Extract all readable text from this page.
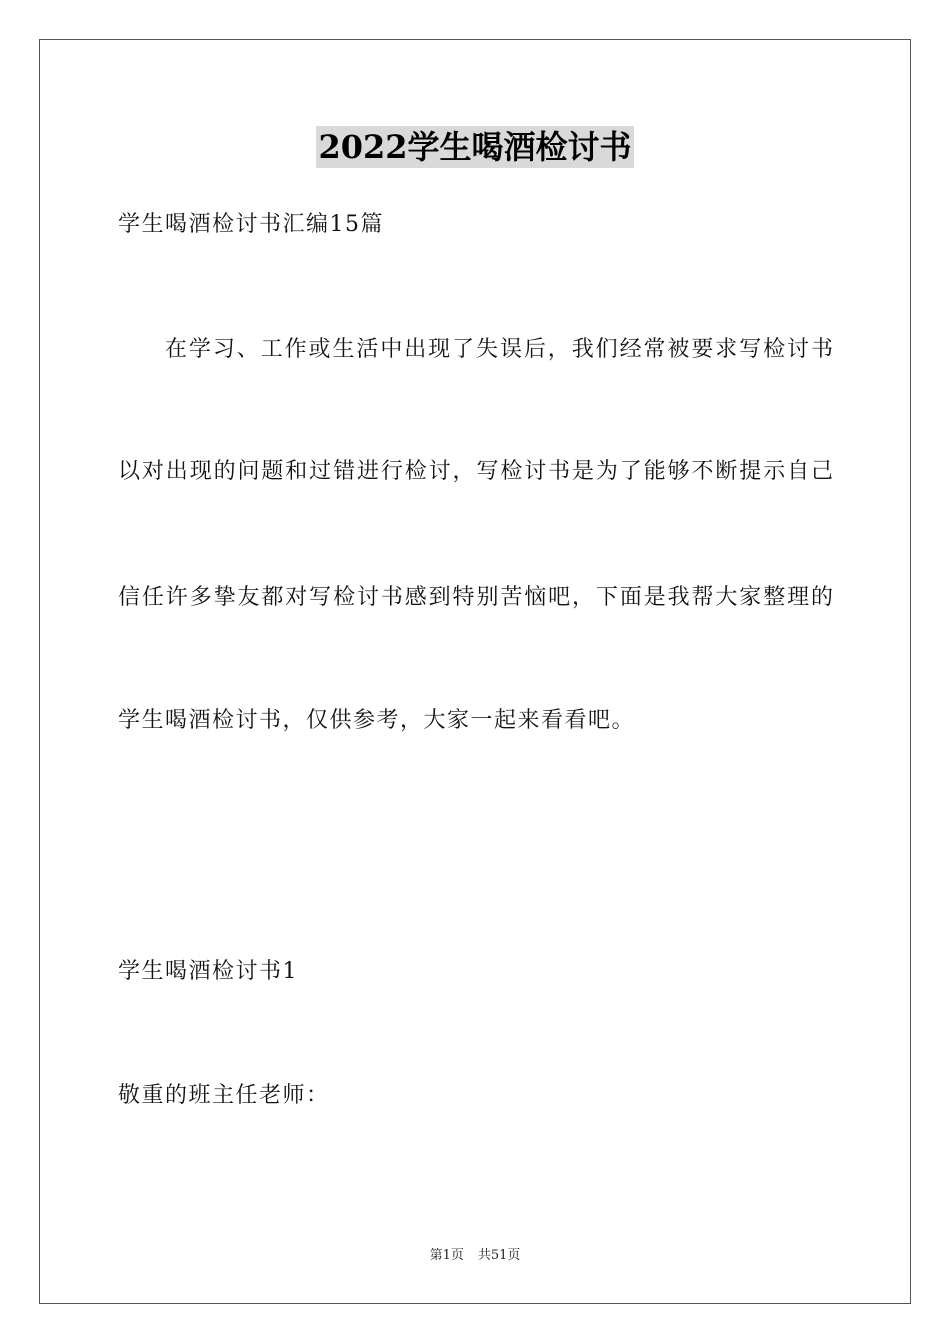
2022学生喝酒检讨书
学生喝酒检讨书汇编15篇
在学习、工作或生活中出现了失误后，我们经常被要求写检讨书
以对出现的问题和过错进行检讨，写检讨书是为了能够不断提示自己
信任许多挚友都对写检讨书感到特别苦恼吧，下面是我帮大家整理的
学生喝酒检讨书，仅供参考，大家一起来看看吧。
学生喝酒检讨书1
敬重的班主任老师：
第1页 共51页
